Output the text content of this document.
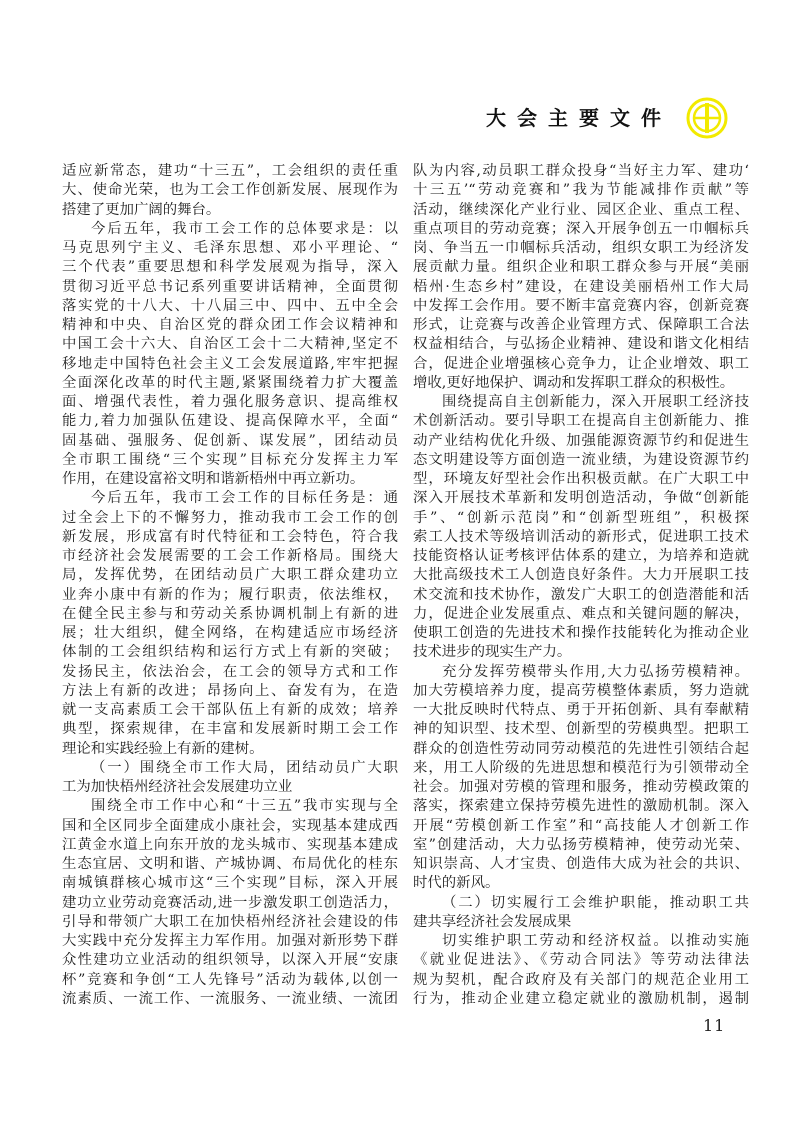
大会主要文件
适应新常态，建功“十三五”，工会组织的责任重
大、使命光荣，也为工会工作创新发展、展现作为
搭建了更加广阔的舞台。
今后五年，我市工会工作的总体要求是：以
马克思列宁主义、毛泽东思想、邓小平理论、“
三个代表”重要思想和科学发展观为指导，深入
贯彻习近平总书记系列重要讲话精神，全面贯彻
落实党的十八大、十八届三中、四中、五中全会
精神和中央、自治区党的群众团工作会议精神和
中国工会十六大、自治区工会十二大精神,坚定不
移地走中国特色社会主义工会发展道路,牢牢把握
全面深化改革的时代主题,紧紧围绕着力扩大覆盖
面、增强代表性，着力强化服务意识、提高维权
能力,着力加强队伍建设、提高保障水平，全面“
固基础、强服务、促创新、谋发展”，团结动员
全市职工围绕“三个实现”目标充分发挥主力军
作用，在建设富裕文明和谐新梧州中再立新功。
今后五年，我市工会工作的目标任务是：通
过全会上下的不懈努力，推动我市工会工作的创
新发展，形成富有时代特征和工会特色，符合我
市经济社会发展需要的工会工作新格局。围绕大
局，发挥优势，在团结动员广大职工群众建功立
业奔小康中有新的作为；履行职责，依法维权，
在健全民主参与和劳动关系协调机制上有新的进
展；壮大组织，健全网络，在构建适应市场经济
体制的工会组织结构和运行方式上有新的突破；
发扬民主，依法治会，在工会的领导方式和工作
方法上有新的改进；昂扬向上、奋发有为，在造
就一支高素质工会干部队伍上有新的成效；培养
典型，探索规律，在丰富和发展新时期工会工作
理论和实践经验上有新的建树。
（一）围绕全市工作大局，团结动员广大职
工为加快梧州经济社会发展建功立业
围绕全市工作中心和“十三五”我市实现与全
国和全区同步全面建成小康社会，实现基本建成西
江黄金水道上向东开放的龙头城市、实现基本建成
生态宜居、文明和谐、产城协调、布局优化的桂东
南城镇群核心城市这“三个实现”目标，深入开展
建功立业劳动竞赛活动,进一步激发职工创造活力，
引导和带领广大职工在加快梧州经济社会建设的伟
大实践中充分发挥主力军作用。加强对新形势下群
众性建功立业活动的组织领导，以深入开展“安康
杯”竞赛和争创“工人先锋号”活动为载体,以创一
流素质、一流工作、一流服务、一流业绩、一流团
队为内容,动员职工群众投身“当好主力军、建功‘
十三五’“劳动竞赛和”我为节能减排作贡献”等
活动，继续深化产业行业、园区企业、重点工程、
重点项目的劳动竞赛；深入开展争创五一巾帼标兵
岗、争当五一巾帼标兵活动，组织女职工为经济发
展贡献力量。组织企业和职工群众参与开展“美丽
梧州·生态乡村”建设，在建设美丽梧州工作大局
中发挥工会作用。要不断丰富竞赛内容，创新竞赛
形式，让竞赛与改善企业管理方式、保障职工合法
权益相结合，与弘扬企业精神、建设和谐文化相结
合，促进企业增强核心竞争力，让企业增效、职工
增收,更好地保护、调动和发挥职工群众的积极性。
围绕提高自主创新能力，深入开展职工经济技
术创新活动。要引导职工在提高自主创新能力、推
动产业结构优化升级、加强能源资源节约和促进生
态文明建设等方面创造一流业绩，为建设资源节约
型，环境友好型社会作出积极贡献。在广大职工中
深入开展技术革新和发明创造活动，争做“创新能
手”、“创新示范岗”和“创新型班组”，积极探
索工人技术等级培训活动的新形式，促进职工技术
技能资格认证考核评估体系的建立，为培养和造就
大批高级技术工人创造良好条件。大力开展职工技
术交流和技术协作，激发广大职工的创造潜能和活
力，促进企业发展重点、难点和关键问题的解决，
使职工创造的先进技术和操作技能转化为推动企业
技术进步的现实生产力。
充分发挥劳模带头作用,大力弘扬劳模精神。
加大劳模培养力度，提高劳模整体素质，努力造就
一大批反映时代特点、勇于开拓创新、具有奉献精
神的知识型、技术型、创新型的劳模典型。把职工
群众的创造性劳动同劳动模范的先进性引领结合起
来，用工人阶级的先进思想和模范行为引领带动全
社会。加强对劳模的管理和服务，推动劳模政策的
落实，探索建立保持劳模先进性的激励机制。深入
开展“劳模创新工作室”和“高技能人才创新工作
室”创建活动，大力弘扬劳模精神，使劳动光荣、
知识崇高、人才宝贵、创造伟大成为社会的共识、
时代的新风。
（二）切实履行工会维护职能，推动职工共
建共享经济社会发展成果
切实维护职工劳动和经济权益。以推动实施
《就业促进法》、《劳动合同法》等劳动法律法
规为契机，配合政府及有关部门的规范企业用工
行为，推动企业建立稳定就业的激励机制，遏制
11
